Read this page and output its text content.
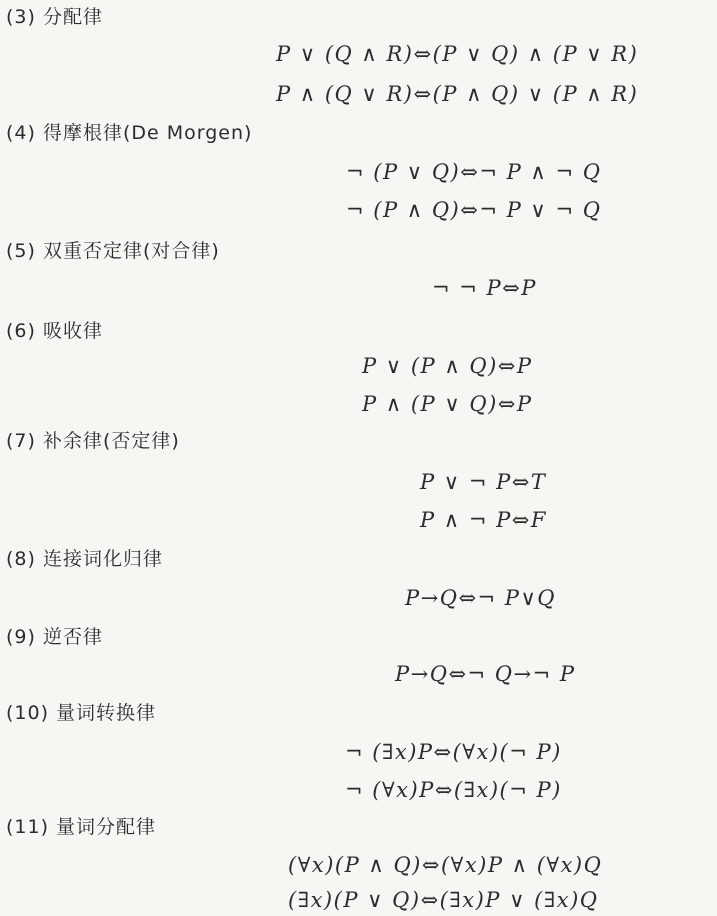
(3) 分配律
P ∨ (Q ∧ R)⇔(P ∨ Q) ∧ (P ∨ R)
P ∧ (Q ∨ R)⇔(P ∧ Q) ∨ (P ∧ R)
(4) 得摩根律(De Morgen)
¬ (P ∨ Q)⇔¬ P ∧ ¬ Q
¬ (P ∧ Q)⇔¬ P ∨ ¬ Q
(5) 双重否定律(对合律)
¬ ¬ P⇔P
(6) 吸收律
P ∨ (P ∧ Q)⇔P
P ∧ (P ∨ Q)⇔P
(7) 补余律(否定律)
P ∨ ¬ P⇔T
P ∧ ¬ P⇔F
(8) 连接词化归律
P→Q⇔¬ P∨Q
(9) 逆否律
P→Q⇔¬ Q→¬ P
(10) 量词转换律
¬ (∃x)P⇔(∀x)(¬ P)
¬ (∀x)P⇔(∃x)(¬ P)
(11) 量词分配律
(∀x)(P ∧ Q)⇔(∀x)P ∧ (∀x)Q
(∃x)(P ∨ Q)⇔(∃x)P ∨ (∃x)Q
